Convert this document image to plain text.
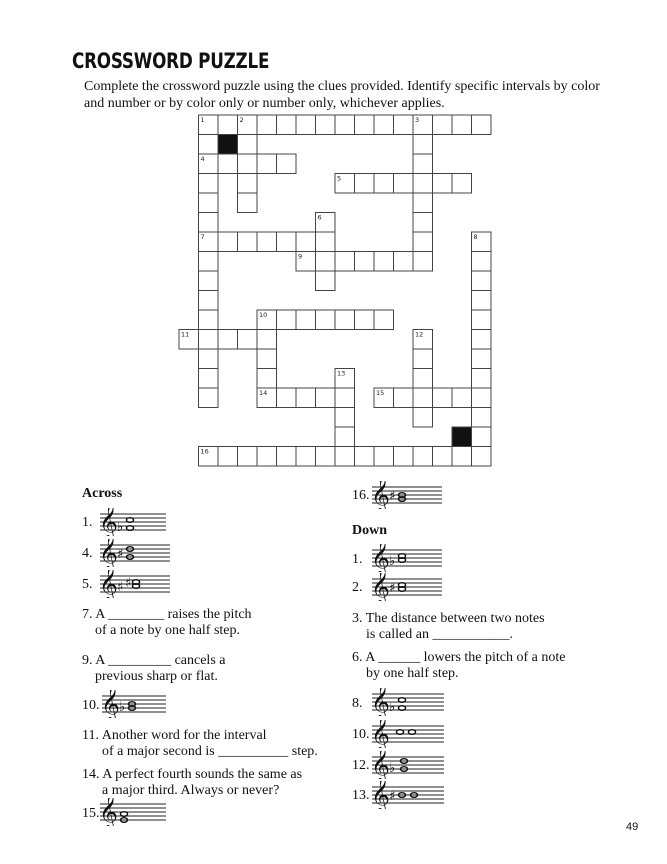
CROSSWORD PUZZLE

Complete the crossword puzzle using the clues provided. Identify specific intervals by color and number or by color only or number only, whichever applies.

1	2	3
4
5
6
7	8
9
10
11	12
13
14	15
16
Across
1. 𝄞 ♭
4. 𝄞 ♯
5. 𝄞 ♯ ♯
7. A ________ raises the pitch
of a note by one half step.
9. A _________ cancels a
previous sharp or flat.
10. 𝄞 ♭
11. Another word for the interval
of a major second is __________ step.
14. A perfect fourth sounds the same as
a major third. Always or never?
15. 𝄞
16. 𝄞 ♯
Down
1. 𝄞 ♭
2. 𝄞 ♯
3. The distance between two notes
is called an ___________.
6. A ______ lowers the pitch of a note
by one half step.
8. 𝄞 ♭
10. 𝄞
12. 𝄞 ♭
13. 𝄞 ♯
49
